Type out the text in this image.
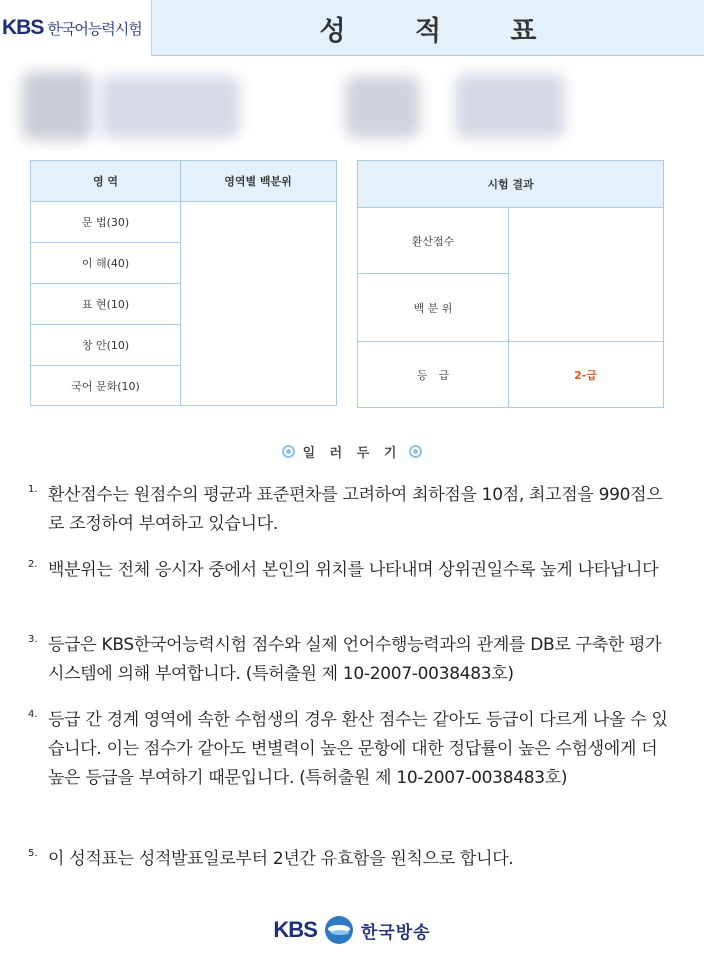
KBS 한국어능력시험	성 적 표
영 역	영역별 백분위
문 법(30)
이 해(40)
표 현(10)
창 안(10)
국어 문화(10)
시험 결과
환산점수
백 분 위
등　급	2-급
일 러 두 기
1. 환산점수는 원점수의 평균과 표준편차를 고려하여 최하점을 10점, 최고점을 990점으로 조정하여 부여하고 있습니다.
2. 백분위는 전체 응시자 중에서 본인의 위치를 나타내며 상위권일수록 높게 나타납니다
3. 등급은 KBS한국어능력시험 점수와 실제 언어수행능력과의 관계를 DB로 구축한 평가시스템에 의해 부여합니다. (특허출원 제 10-2007-0038483호)
4. 등급 간 경계 영역에 속한 수험생의 경우 환산 점수는 같아도 등급이 다르게 나올 수 있습니다. 이는 점수가 같아도 변별력이 높은 문항에 대한 정답률이 높은 수험생에게 더 높은 등급을 부여하기 때문입니다. (특허출원 제 10-2007-0038483호)
5. 이 성적표는 성적발표일로부터 2년간 유효함을 원칙으로 합니다.
KBS	한국방송
